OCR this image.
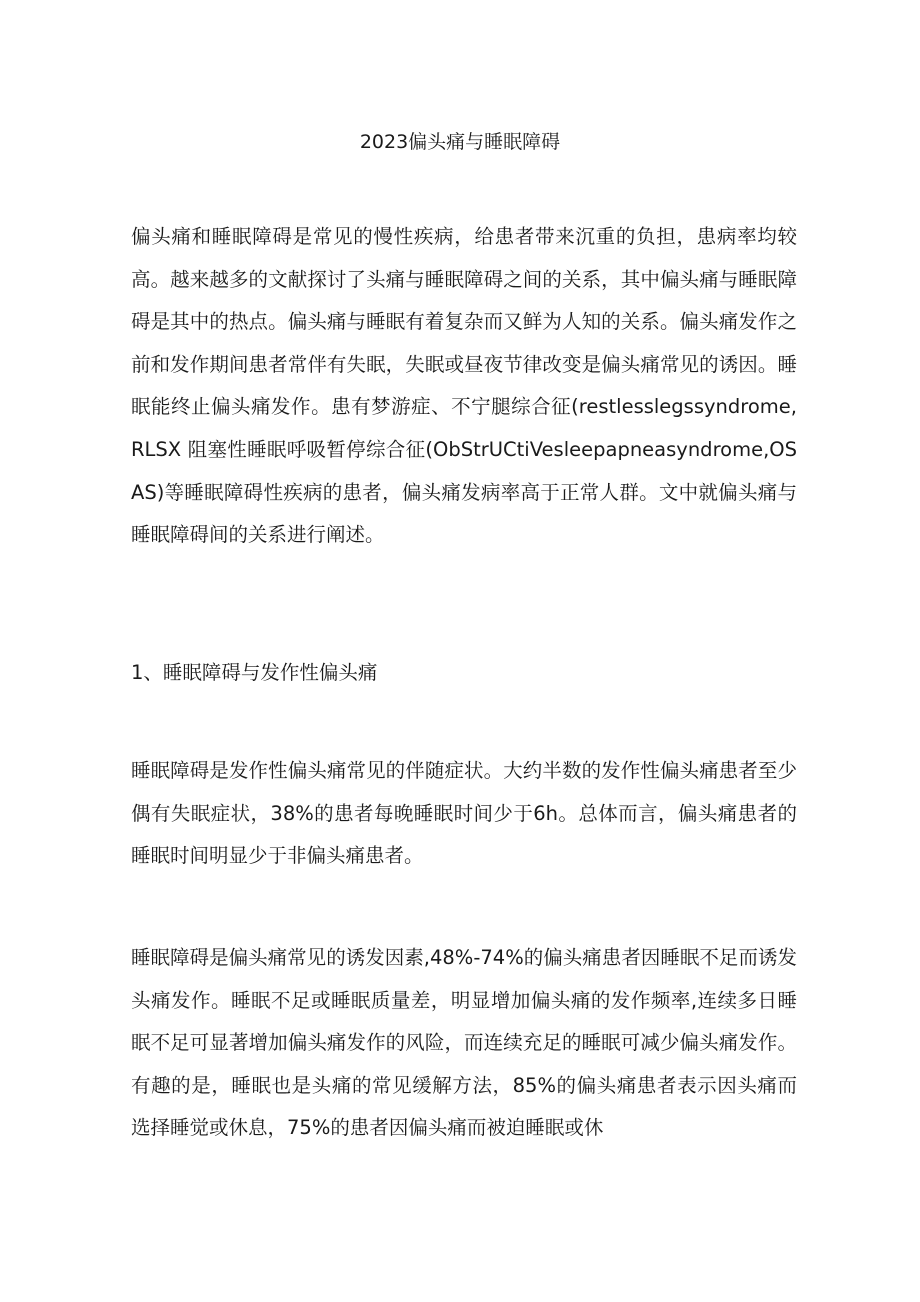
2023偏头痛与睡眠障碍

偏头痛和睡眠障碍是常见的慢性疾病，给患者带来沉重的负担，患病率均较高。越来越多的文献探讨了头痛与睡眠障碍之间的关系，其中偏头痛与睡眠障碍是其中的热点。偏头痛与睡眠有着复杂而又鲜为人知的关系。偏头痛发作之前和发作期间患者常伴有失眠，失眠或昼夜节律改变是偏头痛常见的诱因。睡眠能终止偏头痛发作。患有梦游症、不宁腿综合征(restlesslegssyndrome,RLSX 阻塞性睡眠呼吸暂停综合征(ObStrUCtiVesleepapneasyndrome,OSAS)等睡眠障碍性疾病的患者，偏头痛发病率高于正常人群。文中就偏头痛与睡眠障碍间的关系进行阐述。

1、睡眠障碍与发作性偏头痛

睡眠障碍是发作性偏头痛常见的伴随症状。大约半数的发作性偏头痛患者至少偶有失眠症状，38%的患者每晚睡眠时间少于6h。总体而言，偏头痛患者的睡眠时间明显少于非偏头痛患者。

睡眠障碍是偏头痛常见的诱发因素,48%-74%的偏头痛患者因睡眠不足而诱发头痛发作。睡眠不足或睡眠质量差，明显增加偏头痛的发作频率,连续多日睡眠不足可显著增加偏头痛发作的风险，而连续充足的睡眠可减少偏头痛发作。有趣的是，睡眠也是头痛的常见缓解方法，85%的偏头痛患者表示因头痛而选择睡觉或休息，75%的患者因偏头痛而被迫睡眠或休
